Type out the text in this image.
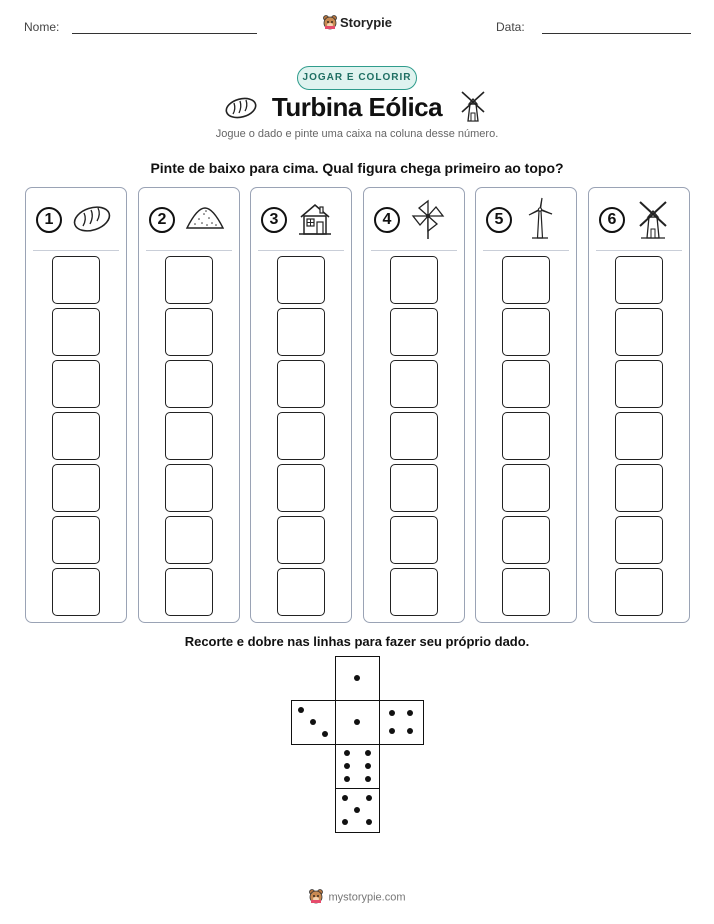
Nome:	Storypie	Data:
JOGAR E COLORIR
Turbina Eólica
Jogue o dado e pinte uma caixa na coluna desse número.
Pinte de baixo para cima. Qual figura chega primeiro ao topo?
1	2	3	4	5	6
Recorte e dobre nas linhas para fazer seu próprio dado.
mystorypie.com
